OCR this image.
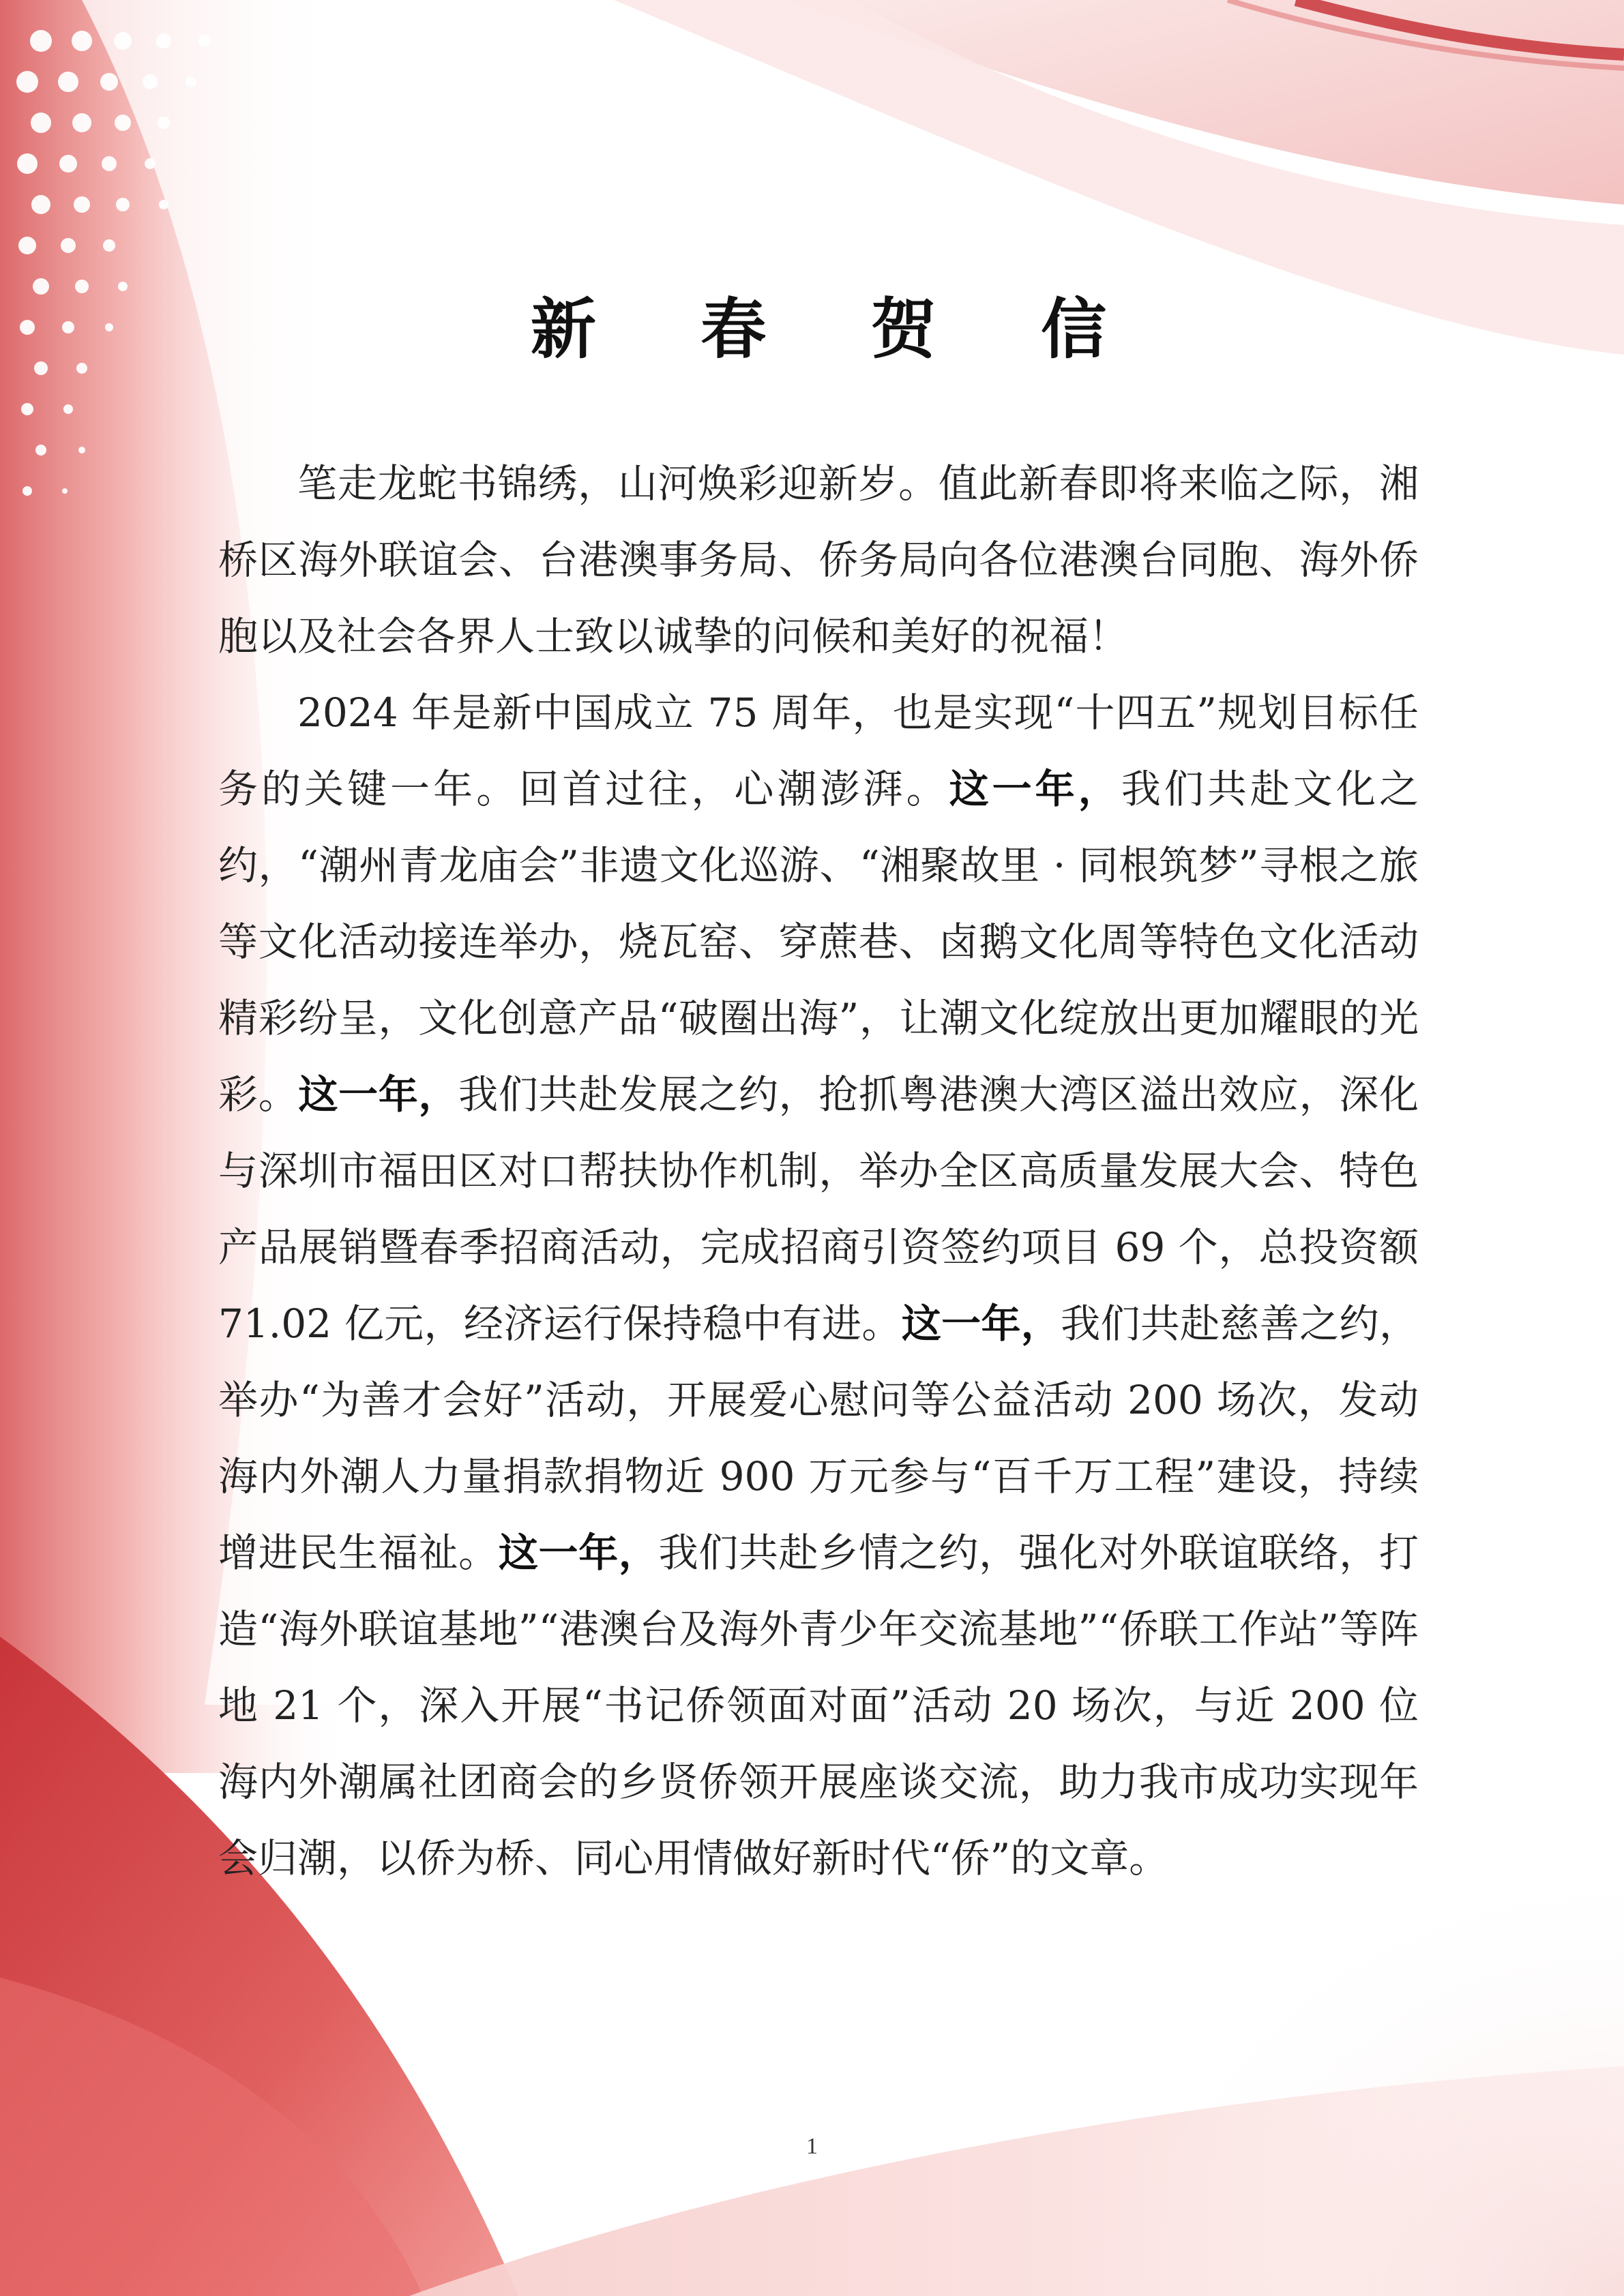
新 春 贺 信

笔走龙蛇书锦绣，山河焕彩迎新岁。值此新春即将来临之际，湘桥区海外联谊会、台港澳事务局、侨务局向各位港澳台同胞、海外侨胞以及社会各界人士致以诚挚的问候和美好的祝福！

2024 年是新中国成立 75 周年，也是实现“十四五”规划目标任务的关键一年。回首过往，心潮澎湃。这一年，我们共赴文化之约，“潮州青龙庙会”非遗文化巡游、“湘聚故里 · 同根筑梦”寻根之旅等文化活动接连举办，烧瓦窑、穿蔗巷、卤鹅文化周等特色文化活动精彩纷呈，文化创意产品“破圈出海”，让潮文化绽放出更加耀眼的光彩。这一年，我们共赴发展之约，抢抓粤港澳大湾区溢出效应，深化与深圳市福田区对口帮扶协作机制，举办全区高质量发展大会、特色产品展销暨春季招商活动，完成招商引资签约项目 69 个，总投资额 71.02 亿元，经济运行保持稳中有进。这一年，我们共赴慈善之约，举办“为善才会好”活动，开展爱心慰问等公益活动 200 场次，发动海内外潮人力量捐款捐物近 900 万元参与“百千万工程”建设，持续增进民生福祉。这一年，我们共赴乡情之约，强化对外联谊联络，打造“海外联谊基地”“港澳台及海外青少年交流基地”“侨联工作站”等阵地 21 个，深入开展“书记侨领面对面”活动 20 场次，与近 200 位海内外潮属社团商会的乡贤侨领开展座谈交流，助力我市成功实现年会归潮，以侨为桥、同心用情做好新时代“侨”的文章。

1
